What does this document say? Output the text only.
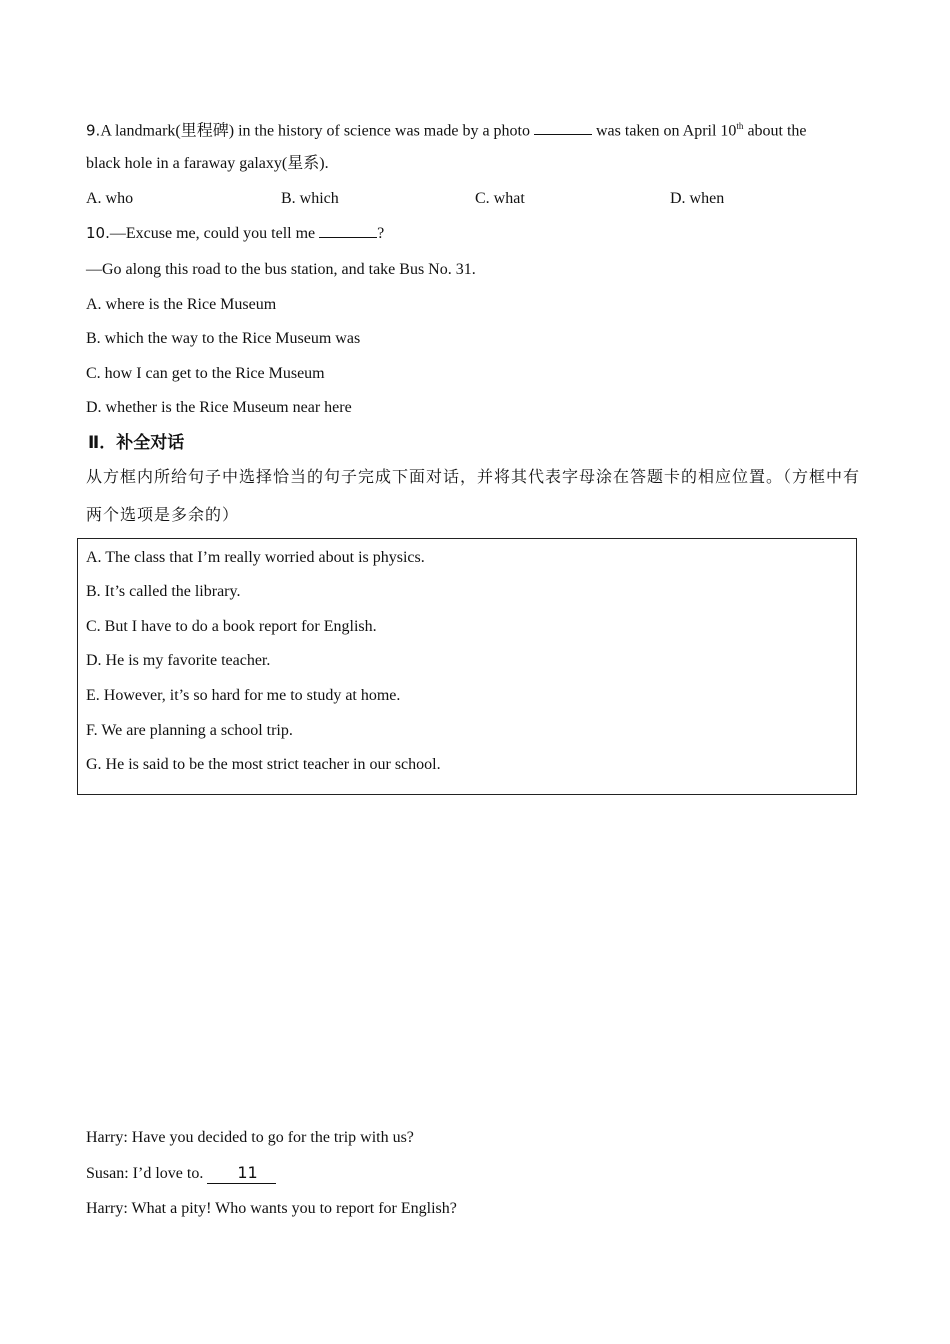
9.A landmark(里程碑) in the history of science was made by a photo	was taken on April 10th about the
black hole in a faraway galaxy(星系).
A. who	B. which	C. what	D. when
10.—Excuse me, could you tell me	?
—Go along this road to the bus station, and take Bus No. 31.
A. where is the Rice Museum
B. which the way to the Rice Museum was
C. how I can get to the Rice Museum
D. whether is the Rice Museum near here
Ⅱ．补全对话
从方框内所给句子中选择恰当的句子完成下面对话，并将其代表字母涂在答题卡的相应位置。（方框中有
两个选项是多余的）
A. The class that I’m really worried about is physics.
B. It’s called the library.
C. But I have to do a book report for English.
D. He is my favorite teacher.
E. However, it’s so hard for me to study at home.
F. We are planning a school trip.
G. He is said to be the most strict teacher in our school.
Harry: Have you decided to go for the trip with us?
Susan: I’d love to. 11
Harry: What a pity! Who wants you to report for English?
